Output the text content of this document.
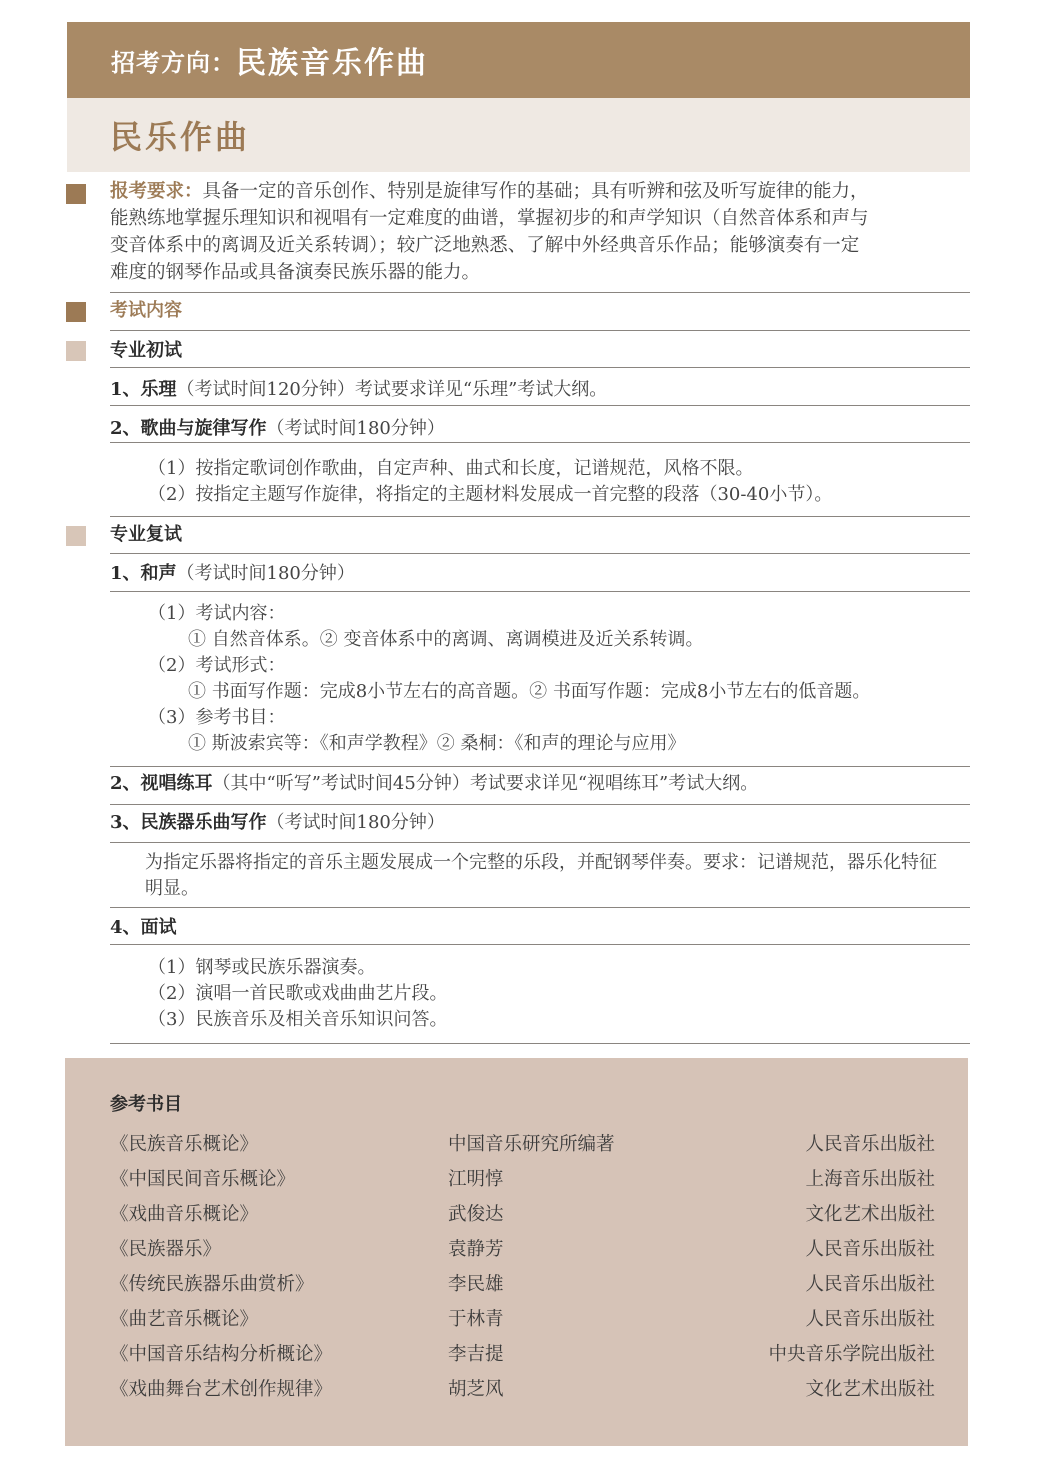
招考方向： 民族音乐作曲
民乐作曲
报考要求：具备一定的音乐创作、特别是旋律写作的基础；具有听辨和弦及听写旋律的能力，
能熟练地掌握乐理知识和视唱有一定难度的曲谱，掌握初步的和声学知识（自然音体系和声与
变音体系中的离调及近关系转调）；较广泛地熟悉、了解中外经典音乐作品；能够演奏有一定
难度的钢琴作品或具备演奏民族乐器的能力。
考试内容
专业初试
1、乐理（考试时间120分钟）考试要求详见“乐理”考试大纲。
2、歌曲与旋律写作（考试时间180分钟）
（1）按指定歌词创作歌曲，自定声种、曲式和长度，记谱规范，风格不限。
（2）按指定主题写作旋律，将指定的主题材料发展成一首完整的段落（30-40小节）。
专业复试
1、和声（考试时间180分钟）
（1）考试内容：
① 自然音体系。② 变音体系中的离调、离调模进及近关系转调。
（2）考试形式：
① 书面写作题：完成8小节左右的高音题。② 书面写作题：完成8小节左右的低音题。
（3）参考书目：
① 斯波索宾等：《和声学教程》② 桑桐：《和声的理论与应用》
2、视唱练耳（其中“听写”考试时间45分钟）考试要求详见“视唱练耳”考试大纲。
3、民族器乐曲写作（考试时间180分钟）
为指定乐器将指定的音乐主题发展成一个完整的乐段，并配钢琴伴奏。要求：记谱规范，器乐化特征明显。
4、面试
（1）钢琴或民族乐器演奏。
（2）演唱一首民歌或戏曲曲艺片段。
（3）民族音乐及相关音乐知识问答。
参考书目
《民族音乐概论》	中国音乐研究所编著	人民音乐出版社
《中国民间音乐概论》	江明惇	上海音乐出版社
《戏曲音乐概论》	武俊达	文化艺术出版社
《民族器乐》	袁静芳	人民音乐出版社
《传统民族器乐曲赏析》	李民雄	人民音乐出版社
《曲艺音乐概论》	于林青	人民音乐出版社
《中国音乐结构分析概论》	李吉提	中央音乐学院出版社
《戏曲舞台艺术创作规律》	胡芝风	文化艺术出版社
